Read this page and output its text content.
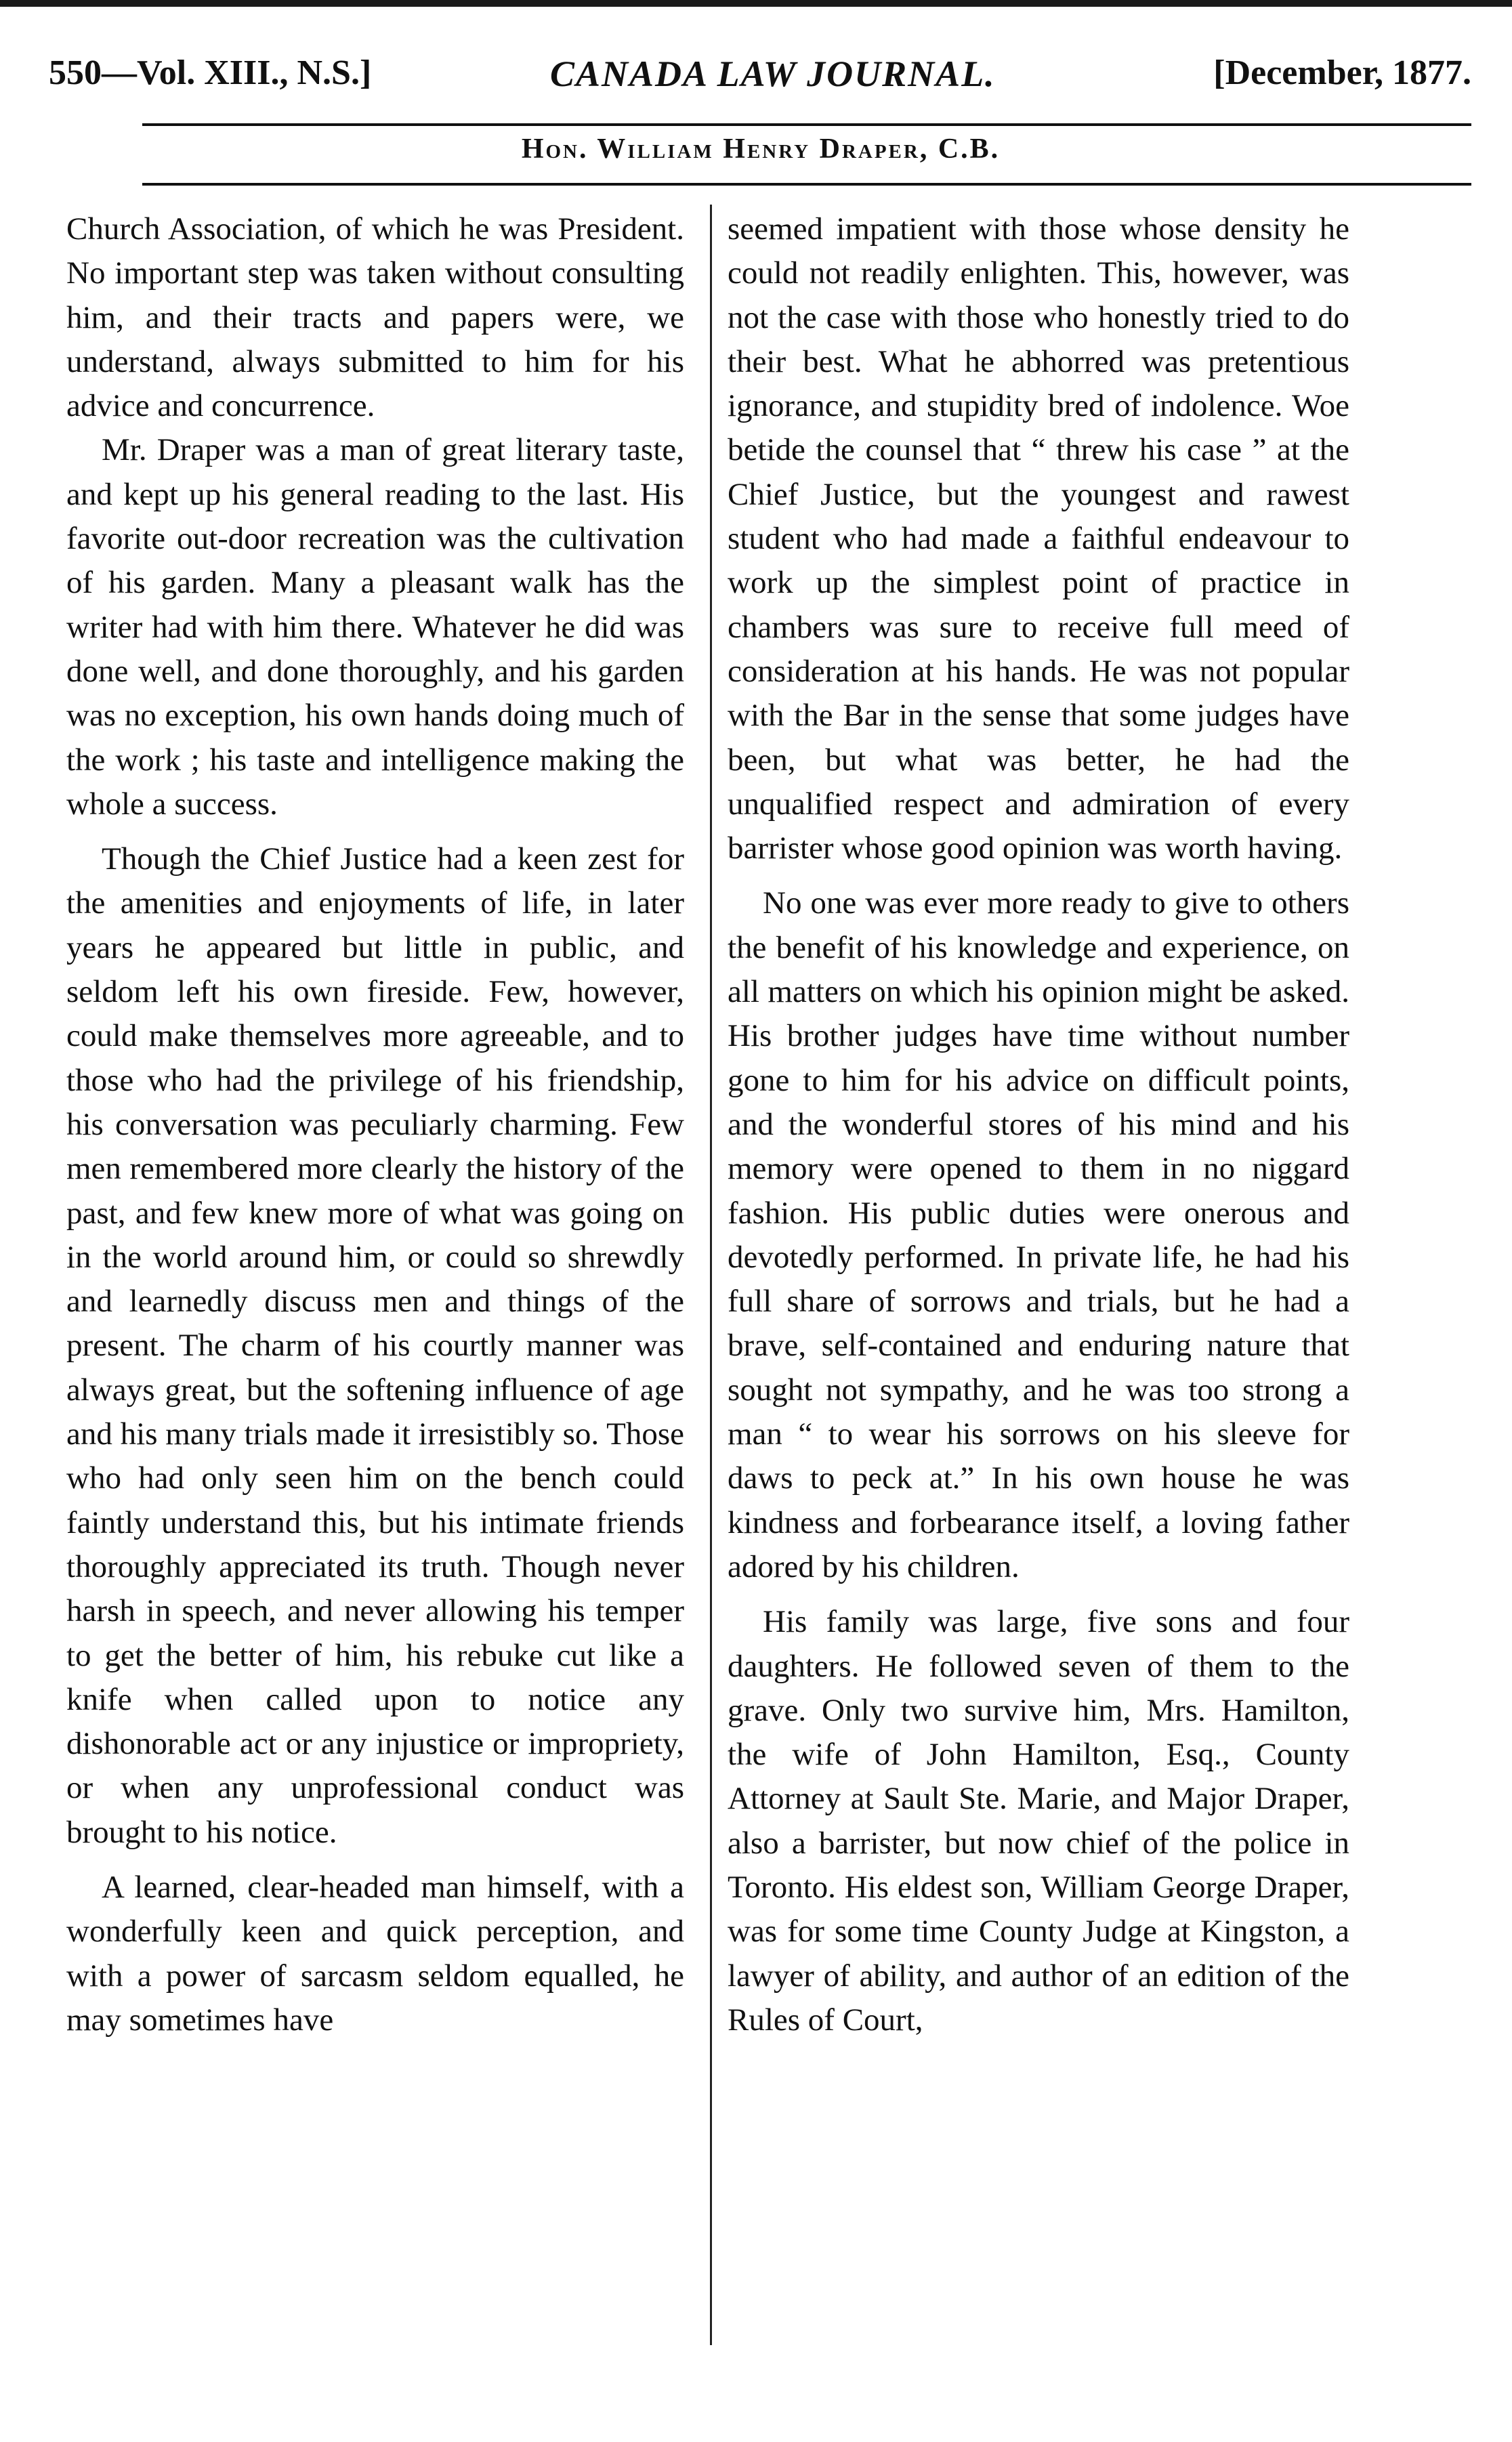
550—Vol. XIII., N.S.]	CANADA LAW JOURNAL.	[December, 1877.
Hon. William Henry Draper, C.B.

Church Association, of which he was President. No important step was taken without consulting him, and their tracts and papers were, we understand, always submitted to him for his advice and concurrence.

Mr. Draper was a man of great literary taste, and kept up his general reading to the last. His favorite out-door recreation was the cultivation of his garden. Many a pleasant walk has the writer had with him there. Whatever he did was done well, and done thoroughly, and his garden was no exception, his own hands doing much of the work ; his taste and intelligence making the whole a success.

Though the Chief Justice had a keen zest for the amenities and enjoyments of life, in later years he appeared but little in public, and seldom left his own fireside. Few, however, could make themselves more agreeable, and to those who had the privilege of his friendship, his conversation was peculiarly charming. Few men remembered more clearly the history of the past, and few knew more of what was going on in the world around him, or could so shrewdly and learnedly discuss men and things of the present. The charm of his courtly manner was always great, but the softening influence of age and his many trials made it irresistibly so. Those who had only seen him on the bench could faintly understand this, but his intimate friends thoroughly appreciated its truth. Though never harsh in speech, and never allowing his temper to get the better of him, his rebuke cut like a knife when called upon to notice any dishonorable act or any injustice or impropriety, or when any unprofessional conduct was brought to his notice.

A learned, clear-headed man himself, with a wonderfully keen and quick perception, and with a power of sarcasm seldom equalled, he may sometimes have

seemed impatient with those whose density he could not readily enlighten. This, however, was not the case with those who honestly tried to do their best. What he abhorred was pretentious ignorance, and stupidity bred of indolence. Woe betide the counsel that “ threw his case ” at the Chief Justice, but the youngest and rawest student who had made a faithful endeavour to work up the simplest point of practice in chambers was sure to receive full meed of consideration at his hands. He was not popular with the Bar in the sense that some judges have been, but what was better, he had the unqualified respect and admiration of every barrister whose good opinion was worth having.

No one was ever more ready to give to others the benefit of his knowledge and experience, on all matters on which his opinion might be asked. His brother judges have time without number gone to him for his advice on difficult points, and the wonderful stores of his mind and his memory were opened to them in no niggard fashion. His public duties were onerous and devotedly performed. In private life, he had his full share of sorrows and trials, but he had a brave, self-contained and enduring nature that sought not sympathy, and he was too strong a man “ to wear his sorrows on his sleeve for daws to peck at.” In his own house he was kindness and forbearance itself, a loving father adored by his children.

His family was large, five sons and four daughters. He followed seven of them to the grave. Only two survive him, Mrs. Hamilton, the wife of John Hamilton, Esq., County Attorney at Sault Ste. Marie, and Major Draper, also a barrister, but now chief of the police in Toronto. His eldest son, William George Draper, was for some time County Judge at Kingston, a lawyer of ability, and author of an edition of the Rules of Court,
